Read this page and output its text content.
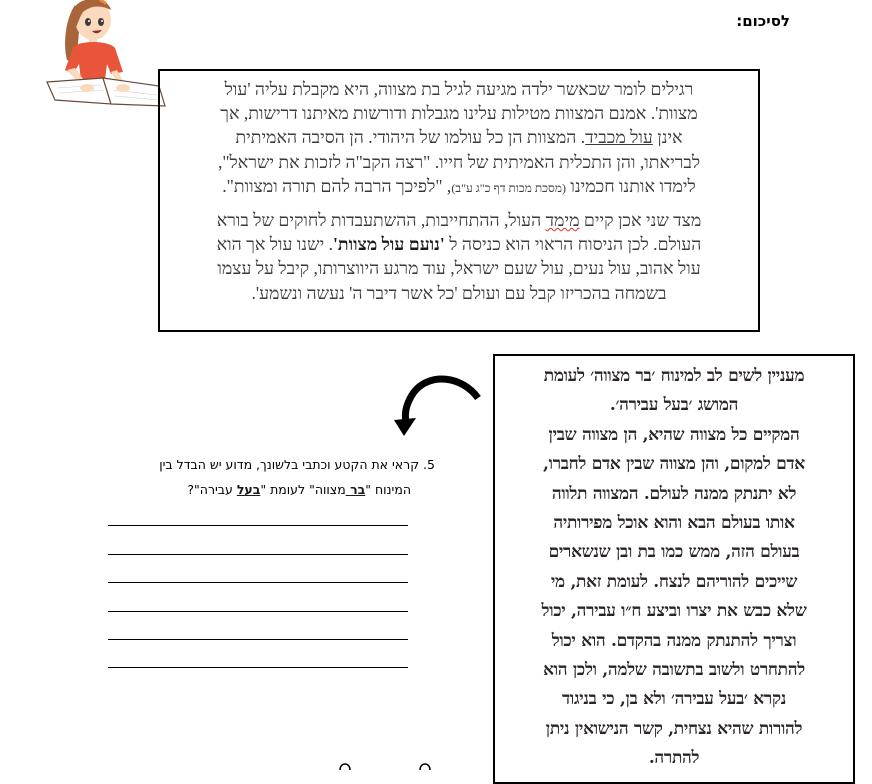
לסיכום:

רגילים לומר שכאשר ילדה מגיעה לגיל בת מצווה, היא מקבלת עליה 'עול
מצוות'. אמנם המצוות מטילות עלינו מגבלות ודורשות מאיתנו דרישות, אך
אינן עול מכביד. המצוות הן כל עולמו של היהודי. הן הסיבה האמיתית
לבריאתו, והן התכלית האמיתית של חייו. "רצה הקב"ה לזכות את ישראל",
לימדו אותנו חכמינו (מסכת מכות דף כ"ג ע"ב), "לפיכך הרבה להם תורה ומצוות".

מצד שני אכן קיים מימד העול, ההתחייבות, ההשתעבדות לחוקים של בורא
העולם. לכן הניסוח הראוי הוא כניסה ל 'נועם עול מצוות'. ישנו עול אך הוא
עול אהוב, עול נעים, עול שעם ישראל, עוד מרגע היווצרותו, קיבל על עצמו
בשמחה בהכריזו קבל עם ועולם 'כל אשר דיבר ה' נעשה ונשמע'.

מעניין לשים לב למינוח ׳בר מצווה׳ לעומת

המושג ׳בעל עבירה׳.

המקיים כל מצווה שהיא, הן מצווה שבין

אדם למקום, והן מצווה שבין אדם לחברו,

לא יתנתק ממנה לעולם. המצווה תלווה

אותו בעולם הבא והוא אוכל מפירותיה

בעולם הזה, ממש כמו בת ובן שנשארים

שייכים להוריהם לנצח. לעומת זאת, מי

שלא כבש את יצרו וביצע ח״ו עבירה, יכול

וצריך להתנתק ממנה בהקדם. הוא יכול

להתחרט ולשוב בתשובה שלמה, ולכן הוא

נקרא ׳בעל עבירה׳ ולא בן, כי בניגוד

להורות שהיא נצחית, קשר הנישואין ניתן

להתרה.

5. קראי את הקטע וכתבי בלשונך, מדוע יש הבדל בין

המינוח "בר מצווה" לעומת "בעל עבירה"?
